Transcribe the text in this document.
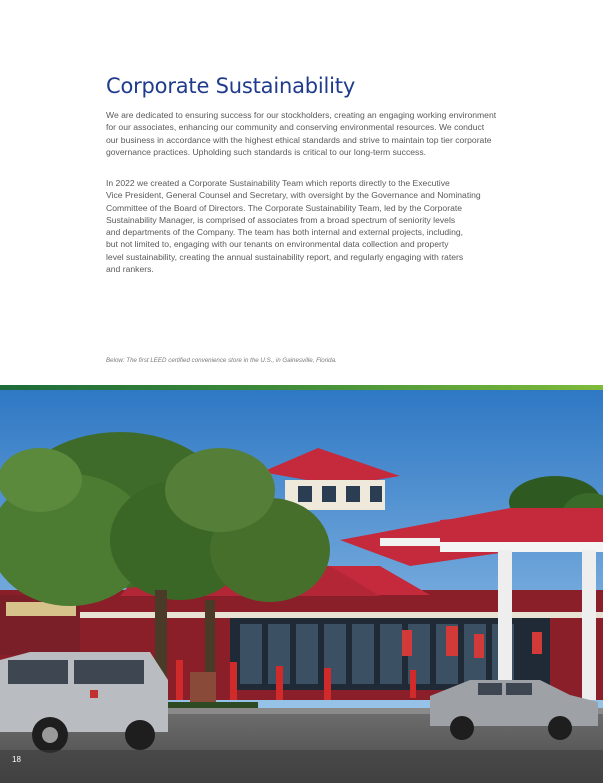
Corporate Sustainability
We are dedicated to ensuring success for our stockholders, creating an engaging working environment
for our associates, enhancing our community and conserving environmental resources. We conduct
our business in accordance with the highest ethical standards and strive to maintain top tier corporate
governance practices. Upholding such standards is critical to our long-term success.
In 2022 we created a Corporate Sustainability Team which reports directly to the Executive
Vice President, General Counsel and Secretary, with oversight by the Governance and Nominating
Committee of the Board of Directors. The Corporate Sustainability Team, led by the Corporate
Sustainability Manager, is comprised of associates from a broad spectrum of seniority levels
and departments of the Company. The team has both internal and external projects, including,
but not limited to, engaging with our tenants on environmental data collection and property
level sustainability, creating the annual sustainability report, and regularly engaging with raters
and rankers.
Below: The first LEED certified convenience store in the U.S., in Gainesville, Florida.
18
